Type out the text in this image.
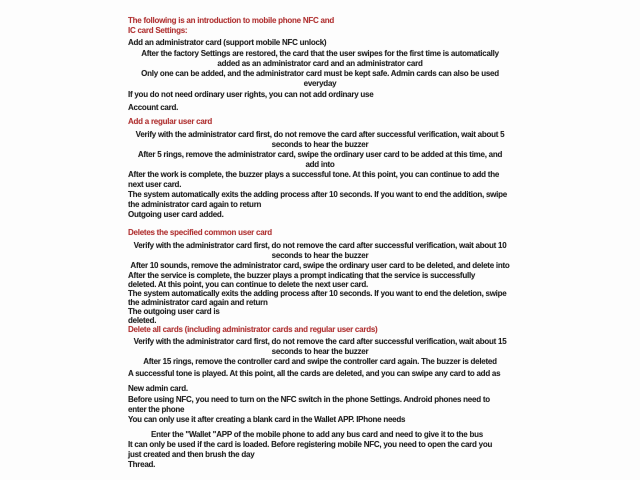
The following is an introduction to mobile phone NFC and
IC card Settings:
Add an administrator card (support mobile NFC unlock)
After the factory Settings are restored, the card that the user swipes for the first time is automatically
added as an administrator card and an administrator card
Only one can be added, and the administrator card must be kept safe. Admin cards can also be used
everyday
If you do not need ordinary user rights, you can not add ordinary use
Account card.
Add a regular user card
Verify with the administrator card first, do not remove the card after successful verification, wait about 5
seconds to hear the buzzer
After 5 rings, remove the administrator card, swipe the ordinary user card to be added at this time, and
add into
After the work is complete, the buzzer plays a successful tone. At this point, you can continue to add the
next user card.
The system automatically exits the adding process after 10 seconds. If you want to end the addition, swipe
the administrator card again to return
Outgoing user card added.
Deletes the specified common user card
Verify with the administrator card first, do not remove the card after successful verification, wait about 10
seconds to hear the buzzer
After 10 sounds, remove the administrator card, swipe the ordinary user card to be deleted, and delete into
After the service is complete, the buzzer plays a prompt indicating that the service is successfully
deleted. At this point, you can continue to delete the next user card.
The system automatically exits the adding process after 10 seconds. If you want to end the deletion, swipe
the administrator card again and return
The outgoing user card is
deleted.
Delete all cards (including administrator cards and regular user cards)
Verify with the administrator card first, do not remove the card after successful verification, wait about 15
seconds to hear the buzzer
After 15 rings, remove the controller card and swipe the controller card again. The buzzer is deleted
A successful tone is played. At this point, all the cards are deleted, and you can swipe any card to add as
New admin card.
Before using NFC, you need to turn on the NFC switch in the phone Settings. Android phones need to
enter the phone
You can only use it after creating a blank card in the Wallet APP. IPhone needs
Enter the "Wallet "APP of the mobile phone to add any bus card and need to give it to the bus
It can only be used if the card is loaded. Before registering mobile NFC, you need to open the card you
just created and then brush the day
Thread.
